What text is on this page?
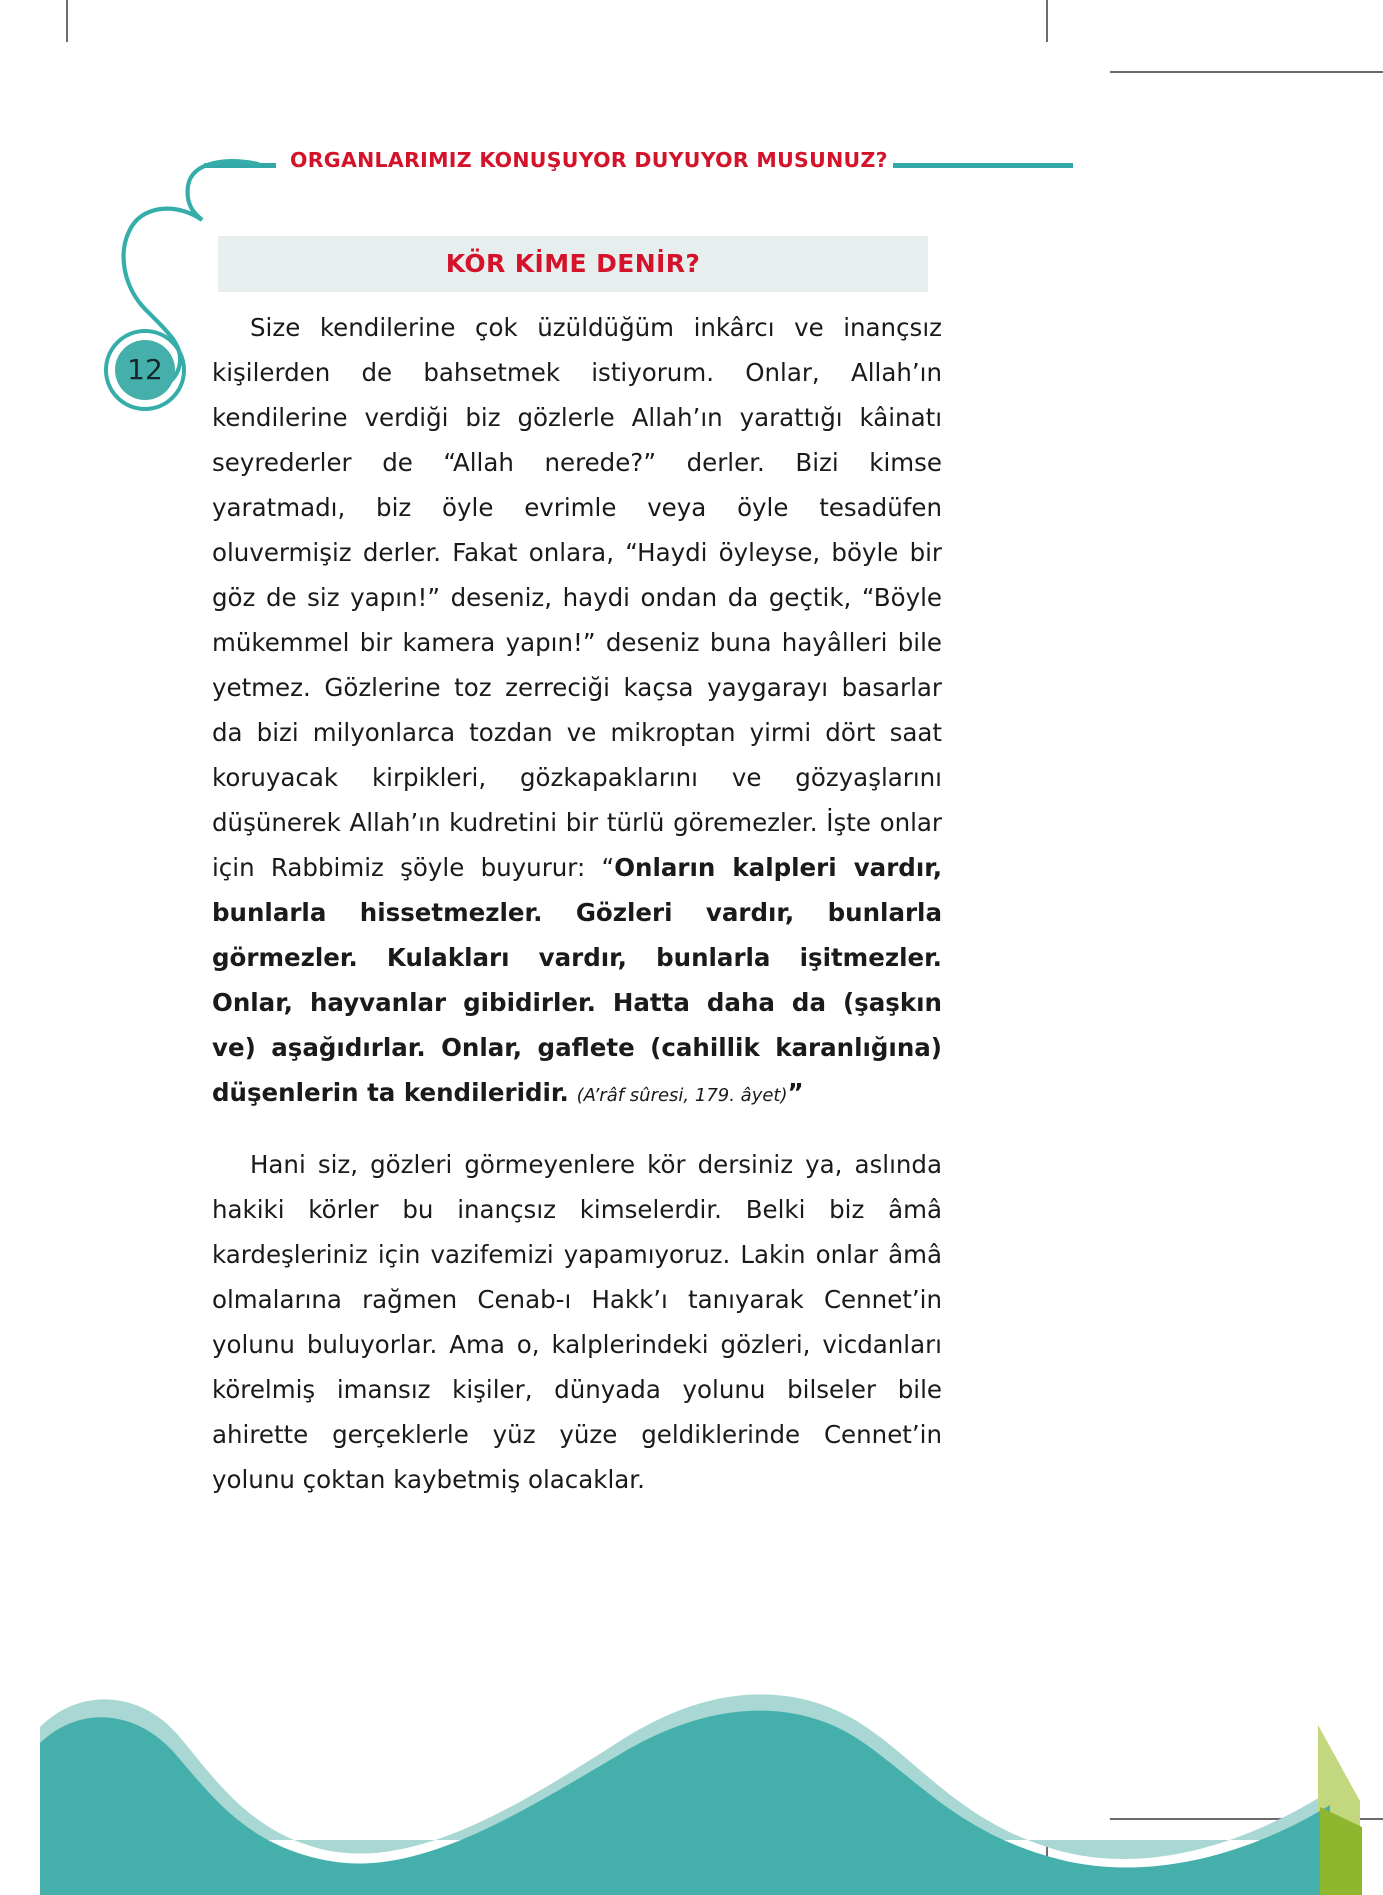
ORGANLARIMIZ KONUŞUYOR DUYUYOR MUSUNUZ?
12
KÖR KİME DENİR?

Size kendilerine çok üzüldüğüm inkârcı ve inançsız kişilerden de bahsetmek istiyorum. Onlar, Allah’ın kendilerine verdiği biz gözlerle Allah’ın yarattığı kâinatı seyrederler de “Allah nerede?” derler. Bizi kimse yaratmadı, biz öyle evrimle veya öyle tesadüfen oluvermişiz derler. Fakat onlara, “Haydi öyleyse, böyle bir göz de siz yapın!” deseniz, haydi ondan da geçtik, “Böyle mükemmel bir kamera yapın!” deseniz buna hayâlleri bile yetmez. Gözlerine toz zerreciği kaçsa yaygarayı basarlar da bizi milyonlarca tozdan ve mikroptan yirmi dört saat koruyacak kirpikleri, gözkapaklarını ve gözyaşlarını düşünerek Allah’ın kudretini bir türlü göremezler. İşte onlar için Rabbimiz şöyle buyurur: “Onların kalpleri vardır, bunlarla hissetmezler. Gözleri vardır, bunlarla görmezler. Kulakları vardır, bunlarla işitmezler. Onlar, hayvanlar gibidirler. Hatta daha da (şaşkın ve) aşağıdırlar. Onlar, gaflete (cahillik karanlığına) düşenlerin ta kendileridir. (A’râf sûresi, 179. âyet)”

Hani siz, gözleri görmeyenlere kör dersiniz ya, aslında hakiki körler bu inançsız kimselerdir. Belki biz âmâ kardeşleriniz için vazifemizi yapamıyoruz. Lakin onlar âmâ olmalarına rağmen Cenab-ı Hakk’ı tanıyarak Cennet’in yolunu buluyorlar. Ama o, kalplerindeki gözleri, vicdanları körelmiş imansız kişiler, dünyada yolunu bilseler bile ahirette gerçeklerle yüz yüze geldiklerinde Cennet’in yolunu çoktan kaybetmiş olacaklar.
